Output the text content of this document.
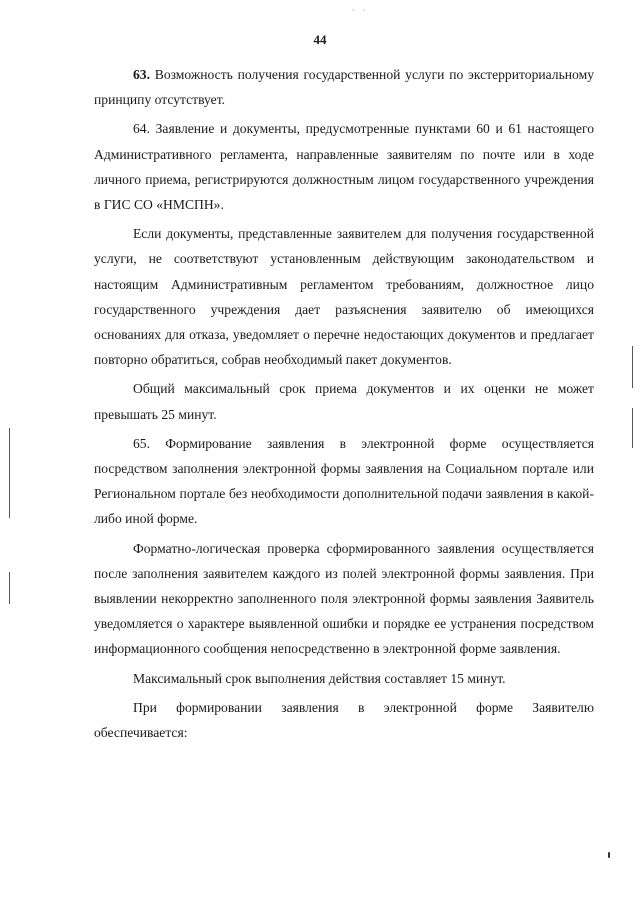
· ·
44

63. Возможность получения государственной услуги по экстерриториальному принципу отсутствует.

64. Заявление и документы, предусмотренные пунктами 60 и 61 настоящего Административного регламента, направленные заявителям по почте или в ходе личного приема, регистрируются должностным лицом государственного учреждения в ГИС СО «НМСПН».

Если документы, представленные заявителем для получения государственной услуги, не соответствуют установленным действующим законодательством и настоящим Административным регламентом требованиям, должностное лицо государственного учреждения дает разъяснения заявителю об имеющихся основаниях для отказа, уведомляет о перечне недостающих документов и предлагает повторно обратиться, собрав необходимый пакет документов.

Общий максимальный срок приема документов и их оценки не может превышать 25 минут.

65. Формирование заявления в электронной форме осуществляется посредством заполнения электронной формы заявления на Социальном портале или Региональном портале без необходимости дополнительной подачи заявления в какой-либо иной форме.

Форматно-логическая проверка сформированного заявления осуществляется после заполнения заявителем каждого из полей электронной формы заявления. При выявлении некорректно заполненного поля электронной формы заявления Заявитель уведомляется о характере выявленной ошибки и порядке ее устранения посредством информационного сообщения непосредственно в электронной форме заявления.

Максимальный срок выполнения действия составляет 15 минут.

При формировании заявления в электронной форме Заявителю обеспечивается:
